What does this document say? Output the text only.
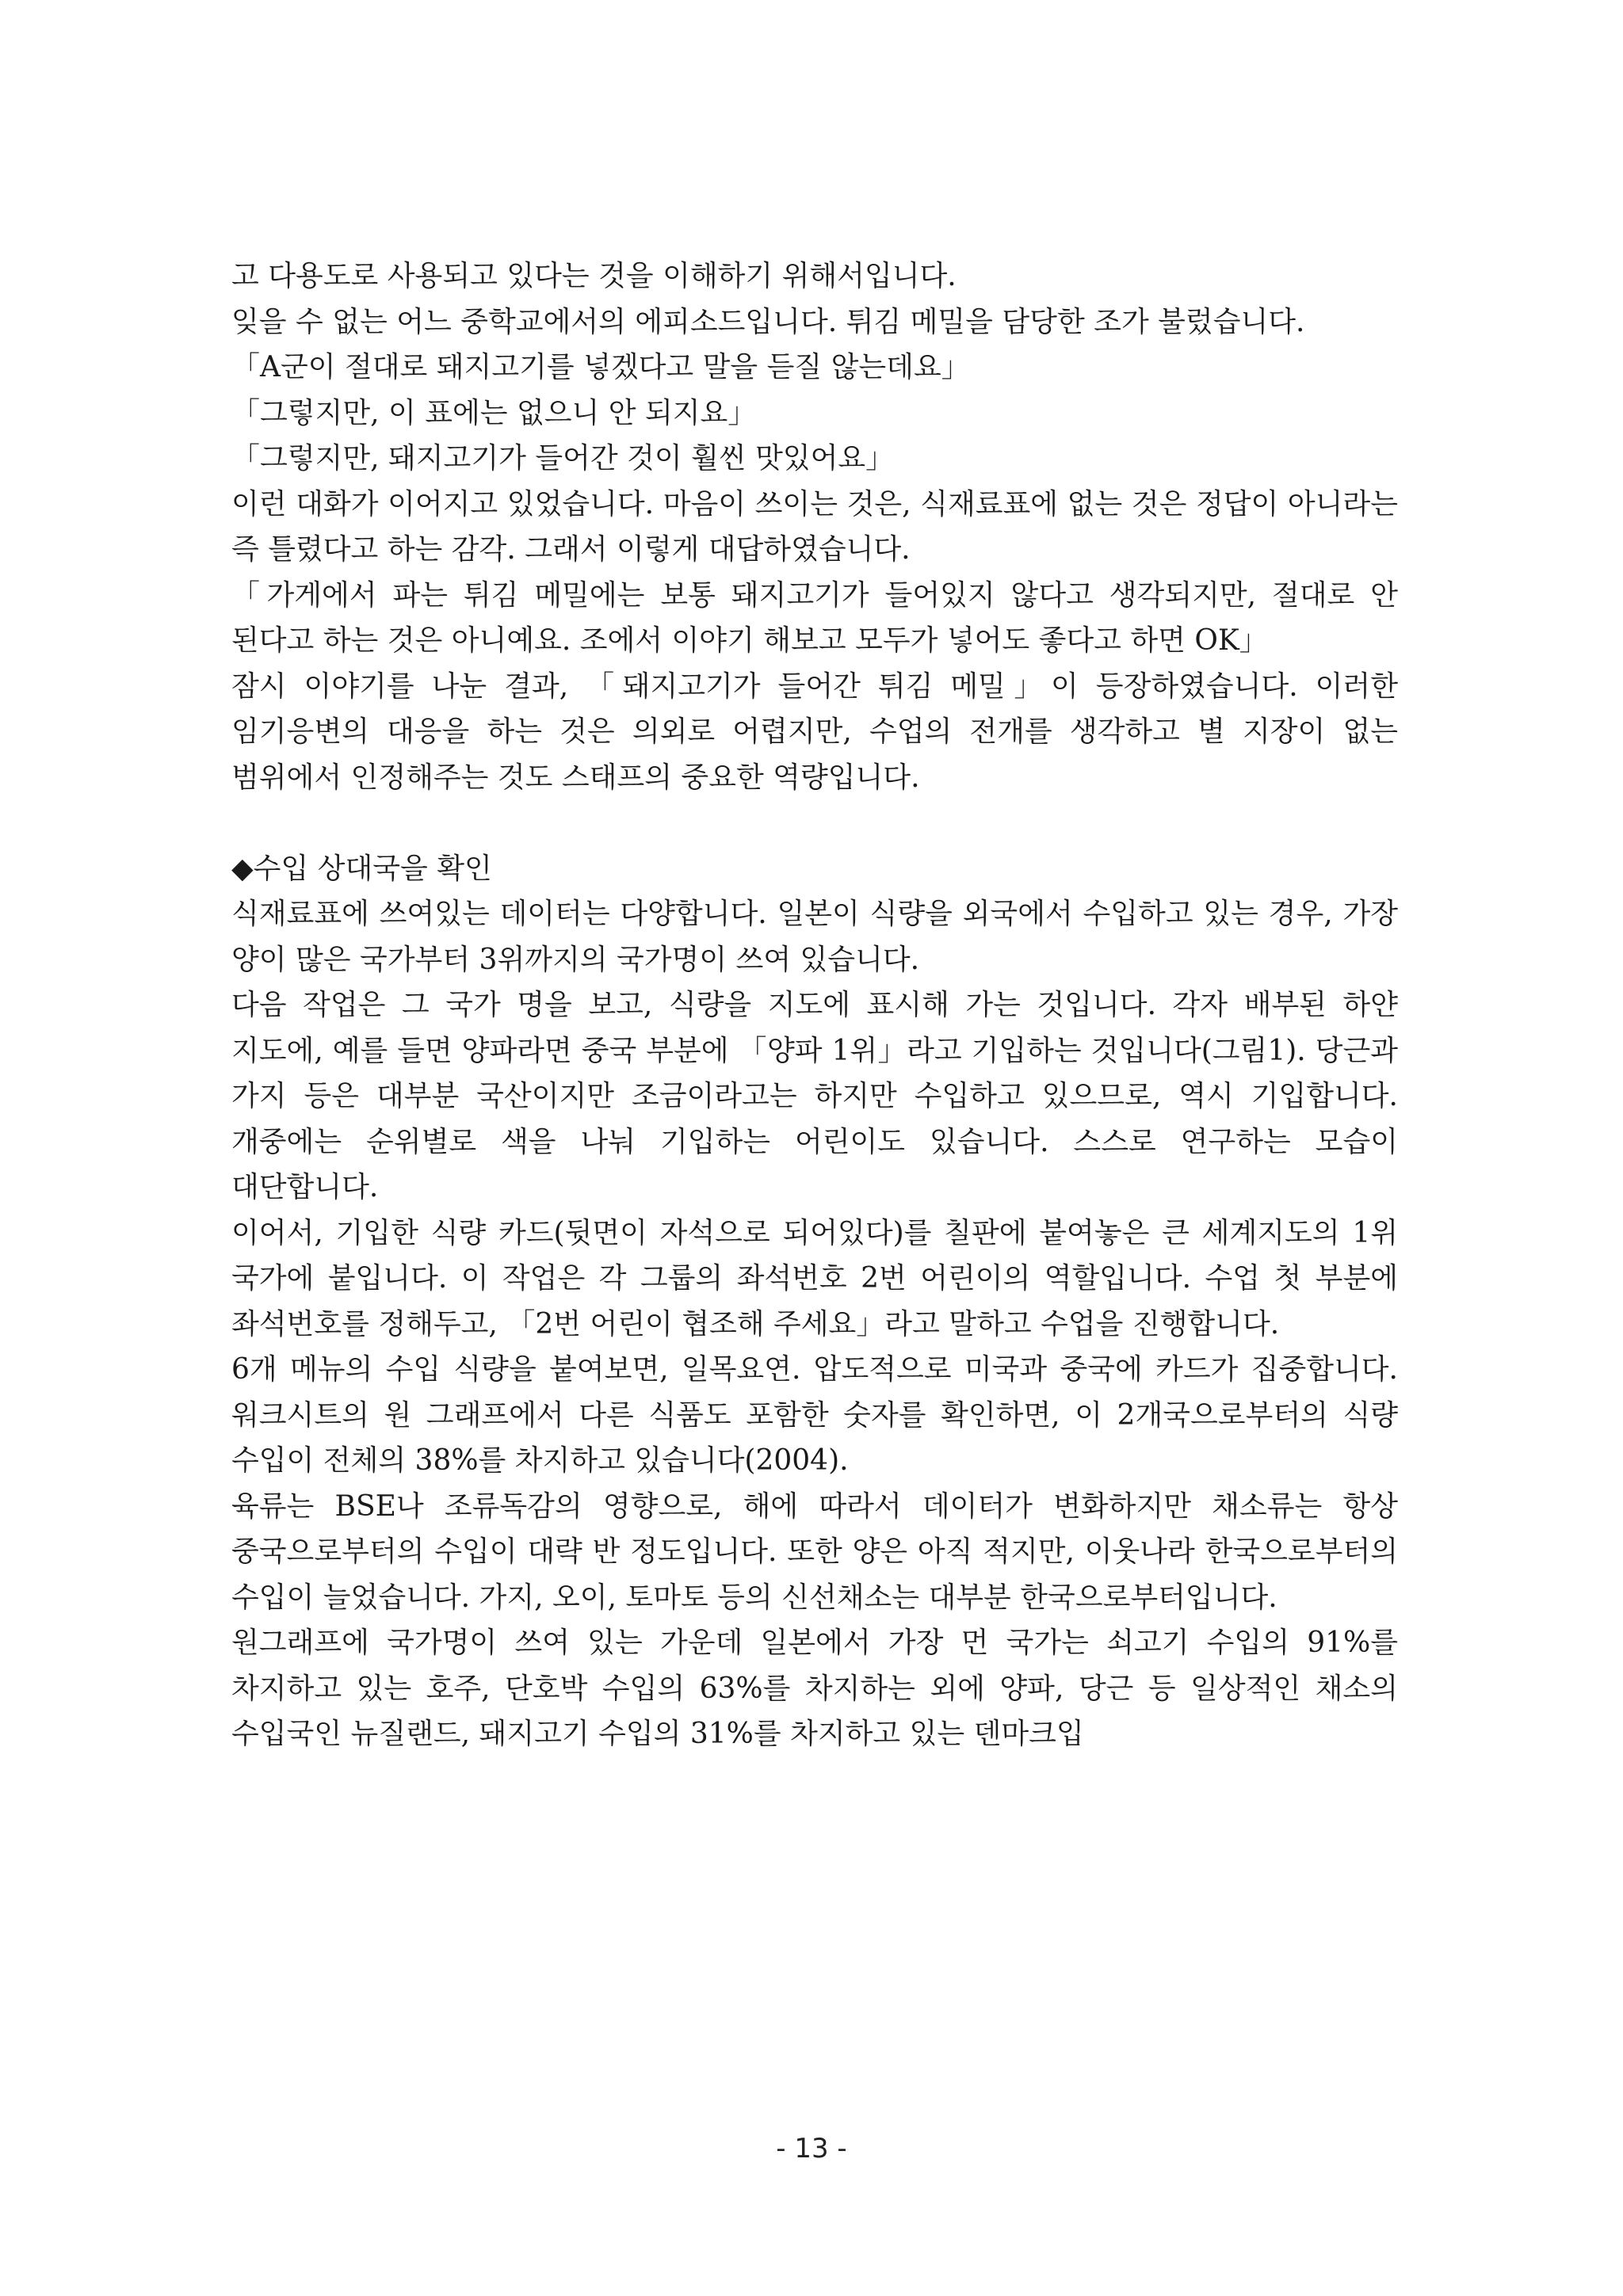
고 다용도로 사용되고 있다는 것을 이해하기 위해서입니다.

잊을 수 없는 어느 중학교에서의 에피소드입니다. 튀김 메밀을 담당한 조가 불렀습니다.

「A군이 절대로 돼지고기를 넣겠다고 말을 듣질 않는데요」

「그렇지만, 이 표에는 없으니 안 되지요」

「그렇지만, 돼지고기가 들어간 것이 훨씬 맛있어요」

이런 대화가 이어지고 있었습니다. 마음이 쓰이는 것은, 식재료표에 없는 것은 정답이 아니라는 즉 틀렸다고 하는 감각. 그래서 이렇게 대답하였습니다.

「가게에서 파는 튀김 메밀에는 보통 돼지고기가 들어있지 않다고 생각되지만, 절대로 안 된다고 하는 것은 아니예요. 조에서 이야기 해보고 모두가 넣어도 좋다고 하면 OK」

잠시 이야기를 나눈 결과, 「돼지고기가 들어간 튀김 메밀」이 등장하였습니다. 이러한 임기응변의 대응을 하는 것은 의외로 어렵지만, 수업의 전개를 생각하고 별 지장이 없는 범위에서 인정해주는 것도 스태프의 중요한 역량입니다.

◆수입 상대국을 확인

식재료표에 쓰여있는 데이터는 다양합니다. 일본이 식량을 외국에서 수입하고 있는 경우, 가장 양이 많은 국가부터 3위까지의 국가명이 쓰여 있습니다.

다음 작업은 그 국가 명을 보고, 식량을 지도에 표시해 가는 것입니다. 각자 배부된 하얀 지도에, 예를 들면 양파라면 중국 부분에 「양파 1위」라고 기입하는 것입니다(그림1). 당근과 가지 등은 대부분 국산이지만 조금이라고는 하지만 수입하고 있으므로, 역시 기입합니다. 개중에는 순위별로 색을 나눠 기입하는 어린이도 있습니다. 스스로 연구하는 모습이 대단합니다.

이어서, 기입한 식량 카드(뒷면이 자석으로 되어있다)를 칠판에 붙여놓은 큰 세계지도의 1위 국가에 붙입니다. 이 작업은 각 그룹의 좌석번호 2번 어린이의 역할입니다. 수업 첫 부분에 좌석번호를 정해두고, 「2번 어린이 협조해 주세요」라고 말하고 수업을 진행합니다.

6개 메뉴의 수입 식량을 붙여보면, 일목요연. 압도적으로 미국과 중국에 카드가 집중합니다. 워크시트의 원 그래프에서 다른 식품도 포함한 숫자를 확인하면, 이 2개국으로부터의 식량 수입이 전체의 38%를 차지하고 있습니다(2004).

육류는 BSE나 조류독감의 영향으로, 해에 따라서 데이터가 변화하지만 채소류는 항상 중국으로부터의 수입이 대략 반 정도입니다. 또한 양은 아직 적지만, 이웃나라 한국으로부터의 수입이 늘었습니다. 가지, 오이, 토마토 등의 신선채소는 대부분 한국으로부터입니다.

원그래프에 국가명이 쓰여 있는 가운데 일본에서 가장 먼 국가는 쇠고기 수입의 91%를 차지하고 있는 호주, 단호박 수입의 63%를 차지하는 외에 양파, 당근 등 일상적인 채소의 수입국인 뉴질랜드, 돼지고기 수입의 31%를 차지하고 있는 덴마크입

- 13 -
